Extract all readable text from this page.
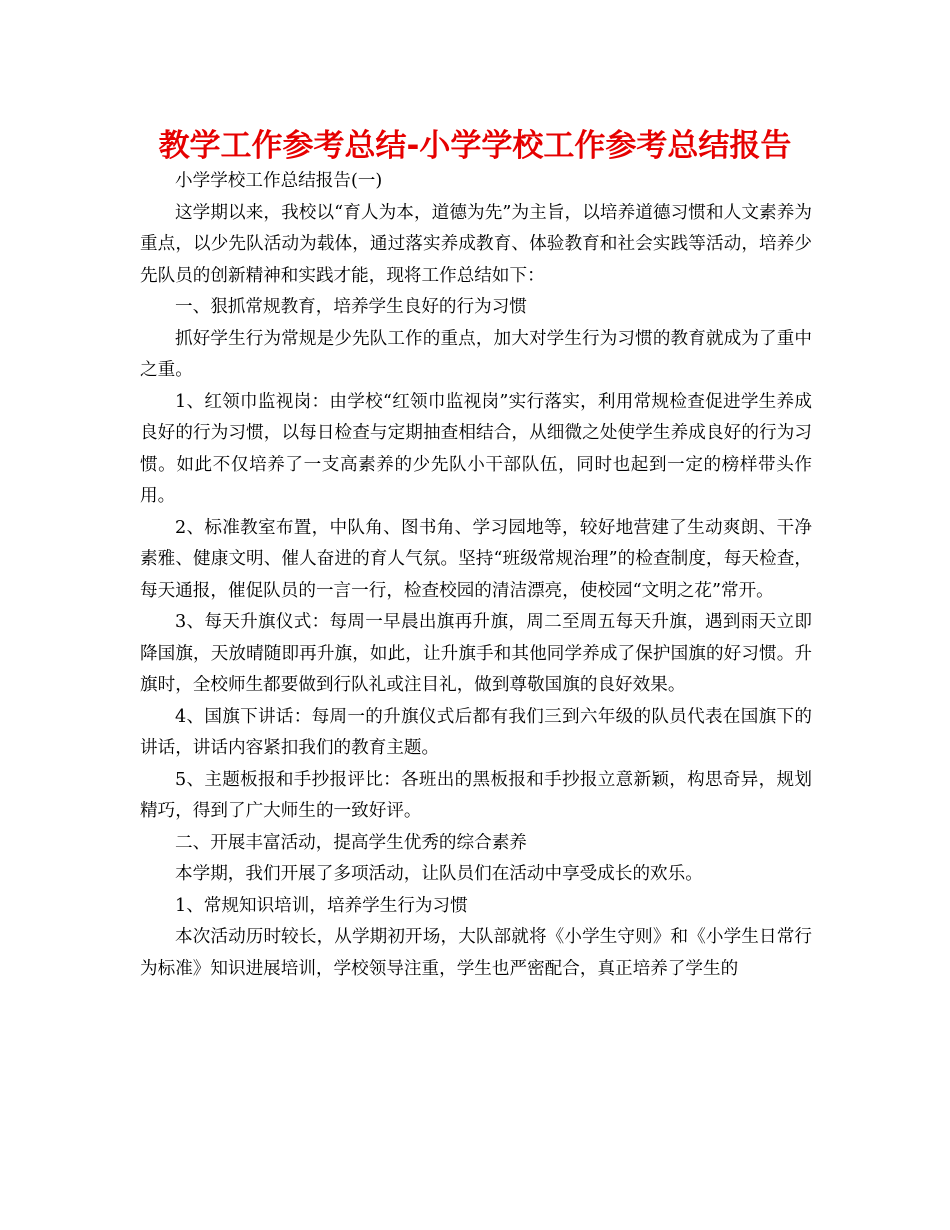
教学工作参考总结-小学学校工作参考总结报告

小学学校工作总结报告(一)

这学期以来，我校以“育人为本，道德为先”为主旨，以培养道德习惯和人文素养为重点，以少先队活动为载体，通过落实养成教育、体验教育和社会实践等活动，培养少先队员的创新精神和实践才能，现将工作总结如下：

一、狠抓常规教育，培养学生良好的行为习惯

抓好学生行为常规是少先队工作的重点，加大对学生行为习惯的教育就成为了重中之重。

1、红领巾监视岗：由学校“红领巾监视岗”实行落实，利用常规检查促进学生养成良好的行为习惯，以每日检查与定期抽查相结合，从细微之处使学生养成良好的行为习惯。如此不仅培养了一支高素养的少先队小干部队伍，同时也起到一定的榜样带头作用。

2、标准教室布置，中队角、图书角、学习园地等，较好地营建了生动爽朗、干净素雅、健康文明、催人奋进的育人气氛。坚持“班级常规治理”的检查制度，每天检查，每天通报，催促队员的一言一行，检查校园的清洁漂亮，使校园“文明之花”常开。

3、每天升旗仪式：每周一早晨出旗再升旗，周二至周五每天升旗，遇到雨天立即降国旗，天放晴随即再升旗，如此，让升旗手和其他同学养成了保护国旗的好习惯。升旗时，全校师生都要做到行队礼或注目礼，做到尊敬国旗的良好效果。

4、国旗下讲话：每周一的升旗仪式后都有我们三到六年级的队员代表在国旗下的讲话，讲话内容紧扣我们的教育主题。

5、主题板报和手抄报评比：各班出的黑板报和手抄报立意新颖，构思奇异，规划精巧，得到了广大师生的一致好评。

二、开展丰富活动，提高学生优秀的综合素养

本学期，我们开展了多项活动，让队员们在活动中享受成长的欢乐。

1、常规知识培训，培养学生行为习惯

本次活动历时较长，从学期初开场，大队部就将《小学生守则》和《小学生日常行为标准》知识进展培训，学校领导注重，学生也严密配合，真正培养了学生的
